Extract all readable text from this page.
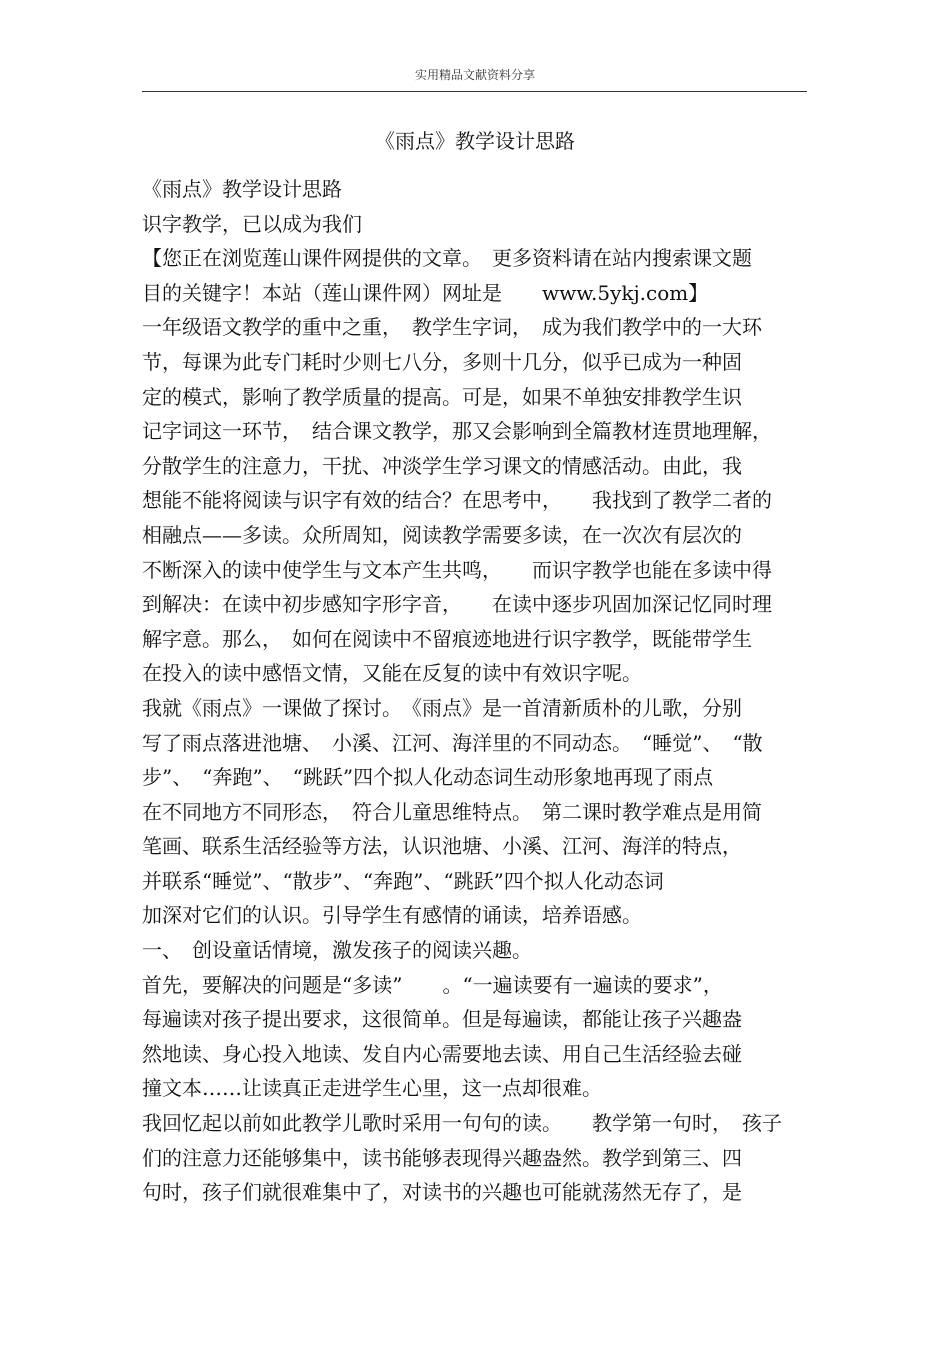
实用精品文献资料分享
《雨点》教学设计思路
《雨点》教学设计思路
识字教学，已以成为我们
【您正在浏览莲山课件网提供的文章。　更多资料请在站内搜索课文题
目的关键字！本站（莲山课件网）网址是　　www.5ykj.com】
一年级语文教学的重中之重，　教学生字词，　成为我们教学中的一大环
节，每课为此专门耗时少则七八分，多则十几分，似乎已成为一种固
定的模式，影响了教学质量的提高。可是，如果不单独安排教学生识
记字词这一环节，　结合课文教学，那又会影响到全篇教材连贯地理解，
分散学生的注意力，干扰、冲淡学生学习课文的情感活动。由此，我
想能不能将阅读与识字有效的结合？在思考中，　　我找到了教学二者的
相融点——多读。众所周知，阅读教学需要多读，在一次次有层次的
不断深入的读中使学生与文本产生共鸣，　　而识字教学也能在多读中得
到解决：在读中初步感知字形字音，　　在读中逐步巩固加深记忆同时理
解字意。那么，　如何在阅读中不留痕迹地进行识字教学，既能带学生
在投入的读中感悟文情，又能在反复的读中有效识字呢。
我就《雨点》一课做了探讨。　《雨点》是一首清新质朴的儿歌，分别
写了雨点落进池塘、　小溪、江河、海洋里的不同动态。　“睡觉”、　“散
步”、　“奔跑”、　“跳跃”四个拟人化动态词生动形象地再现了雨点
在不同地方不同形态，　符合儿童思维特点。　第二课时教学难点是用简
笔画、联系生活经验等方法，认识池塘、小溪、江河、海洋的特点，
并联系“睡觉”、“散步”、“奔跑”、“跳跃”四个拟人化动态词
加深对它们的认识。引导学生有感情的诵读，培养语感。
一、　创设童话情境，激发孩子的阅读兴趣。
首先，要解决的问题是“多读”　　。“一遍读要有一遍读的要求”，
每遍读对孩子提出要求，这很简单。但是每遍读，都能让孩子兴趣盎
然地读、身心投入地读、发自内心需要地去读、用自己生活经验去碰
撞文本……让读真正走进学生心里，这一点却很难。
我回忆起以前如此教学儿歌时采用一句句的读。　　教学第一句时，　孩子
们的注意力还能够集中，读书能够表现得兴趣盎然。教学到第三、四
句时，孩子们就很难集中了，对读书的兴趣也可能就荡然无存了，是
